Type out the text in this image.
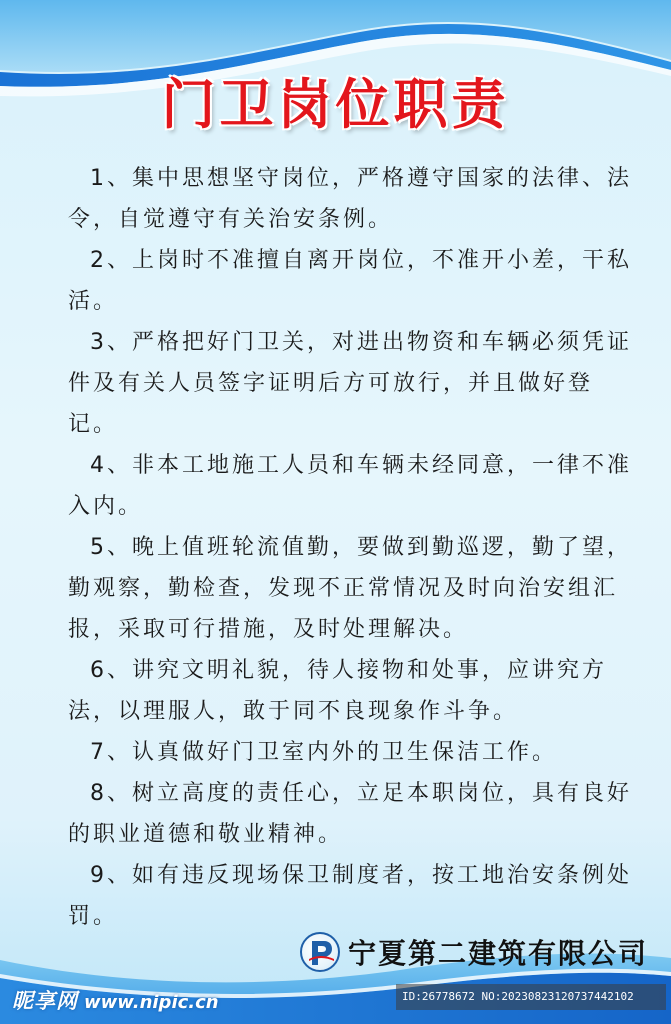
门卫岗位职责

1、集中思想坚守岗位，严格遵守国家的法律、法令，自觉遵守有关治安条例。

2、上岗时不准擅自离开岗位，不准开小差，干私活。

3、严格把好门卫关，对进出物资和车辆必须凭证件及有关人员签字证明后方可放行，并且做好登记。

4、非本工地施工人员和车辆未经同意，一律不准入内。

5、晚上值班轮流值勤，要做到勤巡逻，勤了望，勤观察，勤检查，发现不正常情况及时向治安组汇报，采取可行措施，及时处理解决。

6、讲究文明礼貌，待人接物和处事，应讲究方法，以理服人，敢于同不良现象作斗争。

7、认真做好门卫室内外的卫生保洁工作。

8、树立高度的责任心，立足本职岗位，具有良好的职业道德和敬业精神。

9、如有违反现场保卫制度者，按工地治安条例处罚。

宁夏第二建筑有限公司
昵享网 www.nipic.cn	ID:26778672 NO:20230823120737442102
